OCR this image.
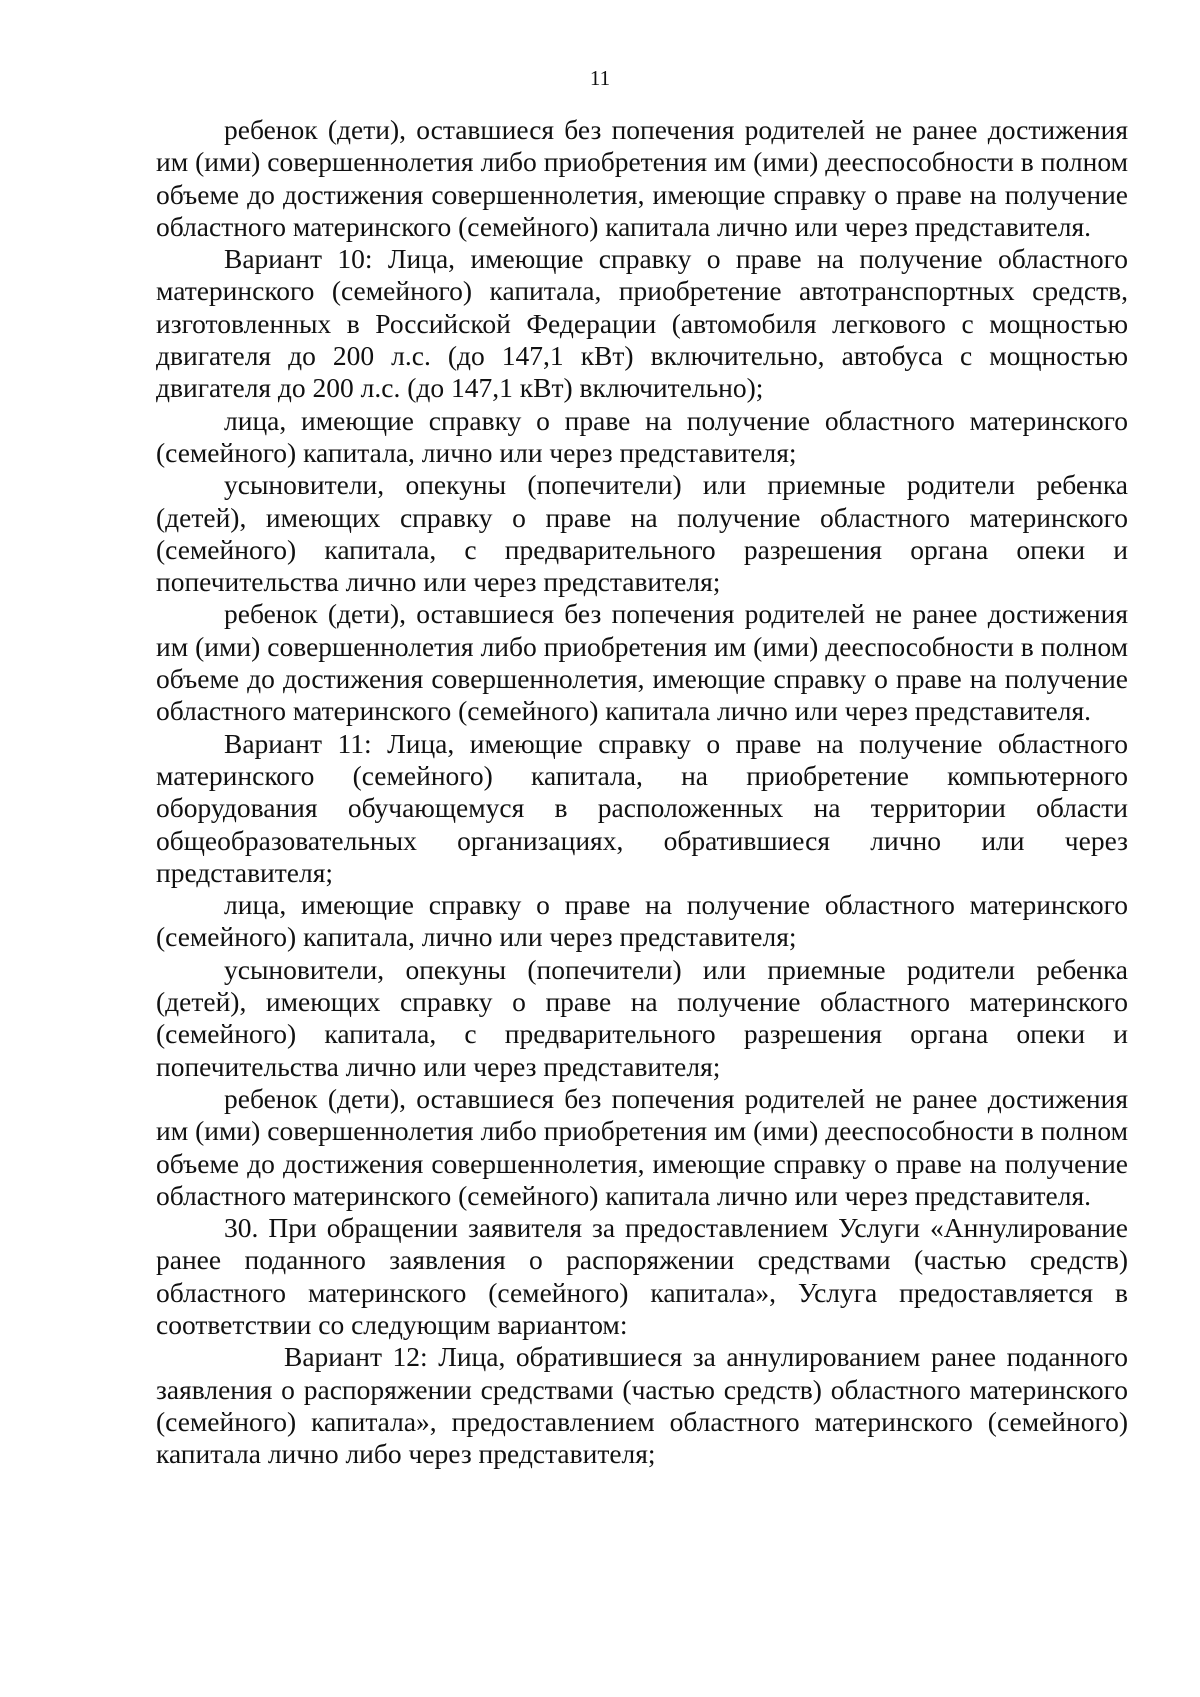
11

ребенок (дети), оставшиеся без попечения родителей не ранее достижения им (ими) совершеннолетия либо приобретения им (ими) дееспособности в полном объеме до достижения совершеннолетия, имеющие справку о праве на получение областного материнского (семейного) капитала лично или через представителя.

Вариант 10: Лица, имеющие справку о праве на получение областного материнского (семейного) капитала, приобретение автотранспортных средств, изготовленных в Российской Федерации (автомобиля легкового с мощностью двигателя до 200 л.с. (до 147,1 кВт) включительно, автобуса с мощностью двигателя до 200 л.с. (до 147,1 кВт) включительно);

лица, имеющие справку о праве на получение областного материнского (семейного) капитала, лично или через представителя;

усыновители, опекуны (попечители) или приемные родители ребенка (детей), имеющих справку о праве на получение областного материнского (семейного) капитала, с предварительного разрешения органа опеки и попечительства лично или через представителя;

ребенок (дети), оставшиеся без попечения родителей не ранее достижения им (ими) совершеннолетия либо приобретения им (ими) дееспособности в полном объеме до достижения совершеннолетия, имеющие справку о праве на получение областного материнского (семейного) капитала лично или через представителя.

Вариант 11: Лица, имеющие справку о праве на получение областного материнского (семейного) капитала, на приобретение компьютерного оборудования обучающемуся в расположенных на территории области общеобразовательных организациях, обратившиеся лично или через представителя;

лица, имеющие справку о праве на получение областного материнского (семейного) капитала, лично или через представителя;

усыновители, опекуны (попечители) или приемные родители ребенка (детей), имеющих справку о праве на получение областного материнского (семейного) капитала, с предварительного разрешения органа опеки и попечительства лично или через представителя;

ребенок (дети), оставшиеся без попечения родителей не ранее достижения им (ими) совершеннолетия либо приобретения им (ими) дееспособности в полном объеме до достижения совершеннолетия, имеющие справку о праве на получение областного материнского (семейного) капитала лично или через представителя.

30. При обращении заявителя за предоставлением Услуги «Аннулирование ранее поданного заявления о распоряжении средствами (частью средств) областного материнского (семейного) капитала», Услуга предоставляется в соответствии со следующим вариантом:

Вариант 12: Лица, обратившиеся за аннулированием ранее поданного заявления о распоряжении средствами (частью средств) областного материнского (семейного) капитала», предоставлением областного материнского (семейного) капитала лично либо через представителя;
